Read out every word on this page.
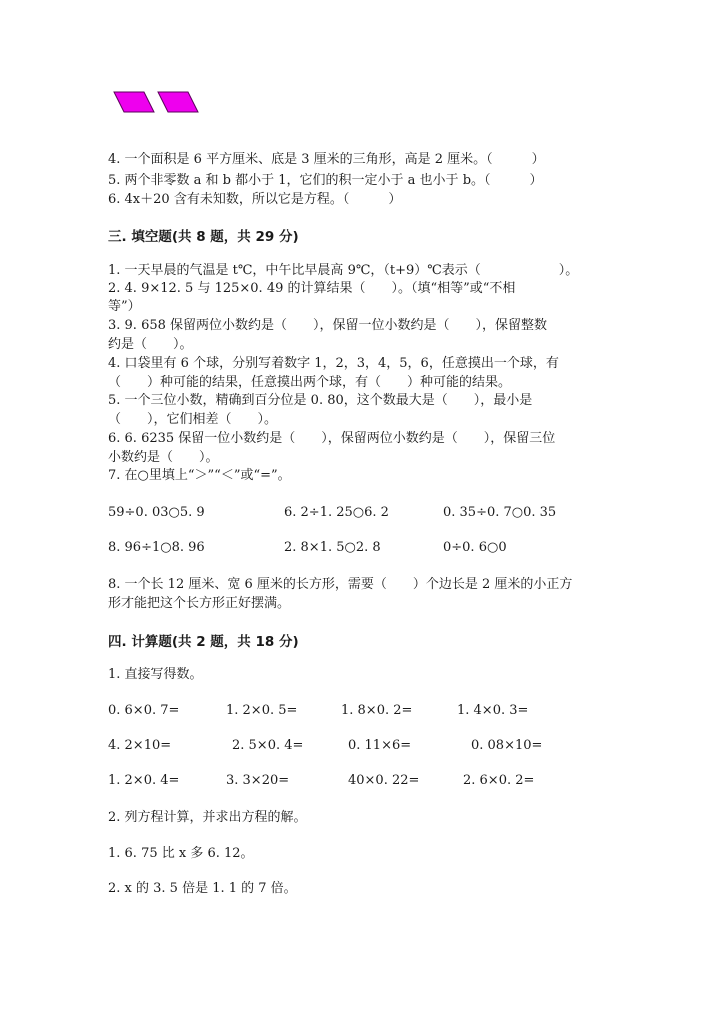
4. 一个面积是 6 平方厘米、底是 3 厘米的三角形，高是 2 厘米。（　　　）
5. 两个非零数 a 和 b 都小于 1，它们的积一定小于 a 也小于 b。（　　　）
6. 4x＋20 含有未知数，所以它是方程。（　　　）
三. 填空题(共 8 题，共 29 分)
1. 一天早晨的气温是 t℃，中午比早晨高 9℃，（t+9）℃表示（　　　　　　）。
2. 4. 9×12. 5 与 125×0. 49 的计算结果（　　）。（填“相等”或“不相
等”）
3. 9. 658 保留两位小数约是（　　），保留一位小数约是（　　），保留整数
约是（　　）。
4. 口袋里有 6 个球，分别写着数字 1，2，3，4，5，6，任意摸出一个球，有
（　　）种可能的结果，任意摸出两个球，有（　　）种可能的结果。
5. 一个三位小数，精确到百分位是 0. 80，这个数最大是（　　），最小是
（　　），它们相差（　　）。
6. 6. 6235 保留一位小数约是（　　），保留两位小数约是（　　），保留三位
小数约是（　　）。
7. 在○里填上“＞”“＜”或“=”。
59÷0. 03○5. 9	6. 2÷1. 25○6. 2	0. 35÷0. 7○0. 35
8. 96÷1○8. 96	2. 8×1. 5○2. 8	0÷0. 6○0
8. 一个长 12 厘米、宽 6 厘米的长方形，需要（　　）个边长是 2 厘米的小正方
形才能把这个长方形正好摆满。
四. 计算题(共 2 题，共 18 分)
1. 直接写得数。
0. 6×0. 7=	1. 2×0. 5=	1. 8×0. 2=	1. 4×0. 3=
4. 2×10=	2. 5×0. 4=	0. 11×6=	0. 08×10=
1. 2×0. 4=	3. 3×20=	40×0. 22=	2. 6×0. 2=
2. 列方程计算，并求出方程的解。
1. 6. 75 比 x 多 6. 12。
2. x 的 3. 5 倍是 1. 1 的 7 倍。
